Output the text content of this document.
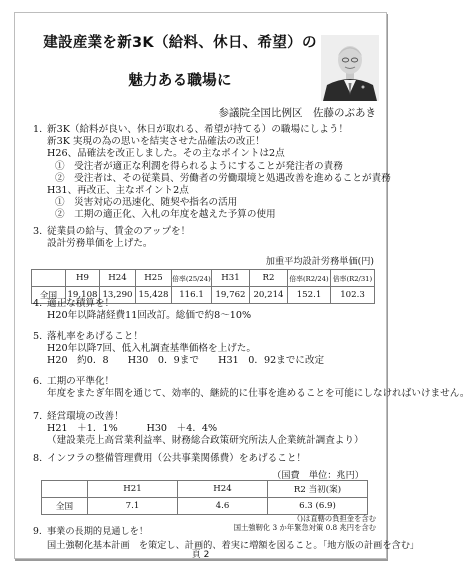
建設産業を新3K（給料、休日、希望）の
魅力ある職場に
参議院全国比例区　佐藤のぶあき
1. 新3K（給料が良い、休日が取れる、希望が持てる）の職場にしよう！
新3K 実現の為の思いを結実させた品確法の改正！
H26、品確法を改正しました。その主なポイントは2点
①　受注者が適正な利潤を得られるようにすることが発注者の責務
②　受注者は、その従業員、労働者の労働環境と処遇改善を進めることが責務
H31、再改正、主なポイント2点
①　災害対応の迅速化、随契や指名の活用
②　工期の適正化、入札の年度を越えた予算の使用
3. 従業員の給与、賃金のアップを！
設計労務単価を上げた。
加重平均設計労務単価(円)
	H9	H24	H25	倍率(25/24)	H31	R2	倍率(R2/24)	倍率(R2/31)
全国	19,108	13,290	15,428	116.1	19,762	20,214	152.1	102.3
4. 適正な積算を！
H20年以降諸経費11回改訂。総価で約8～10%
5. 落札率をあげること！
H20年以降7回、低入札調査基準価格を上げた。
H20　約0．8　　H30　0．9まで　　H31　0．92までに改定
6. 工期の平準化！
年度をまたぎ年間を通じて、効率的、継続的に仕事を進めることを可能にしなければいけません。
7. 経営環境の改善！
H21　＋1．1%　　　H30　＋4．4%
（建設業売上高営業利益率、財務総合政策研究所法人企業統計調査より）
8. インフラの整備管理費用（公共事業関係費）をあげること！
（国費　単位：兆円）
	H21	H24	R2 当初(案)
全国	7.1	4.6	6.3 (6.9)
（)は直轄の負担金を含む
国土強靭化 3 か年緊急対策 0.8 兆円を含む
9. 事業の長期的見通しを！
国土強靭化基本計画　を策定し、計画的、着実に増額を図ること。「地方版の計画を含む」
頁 2
